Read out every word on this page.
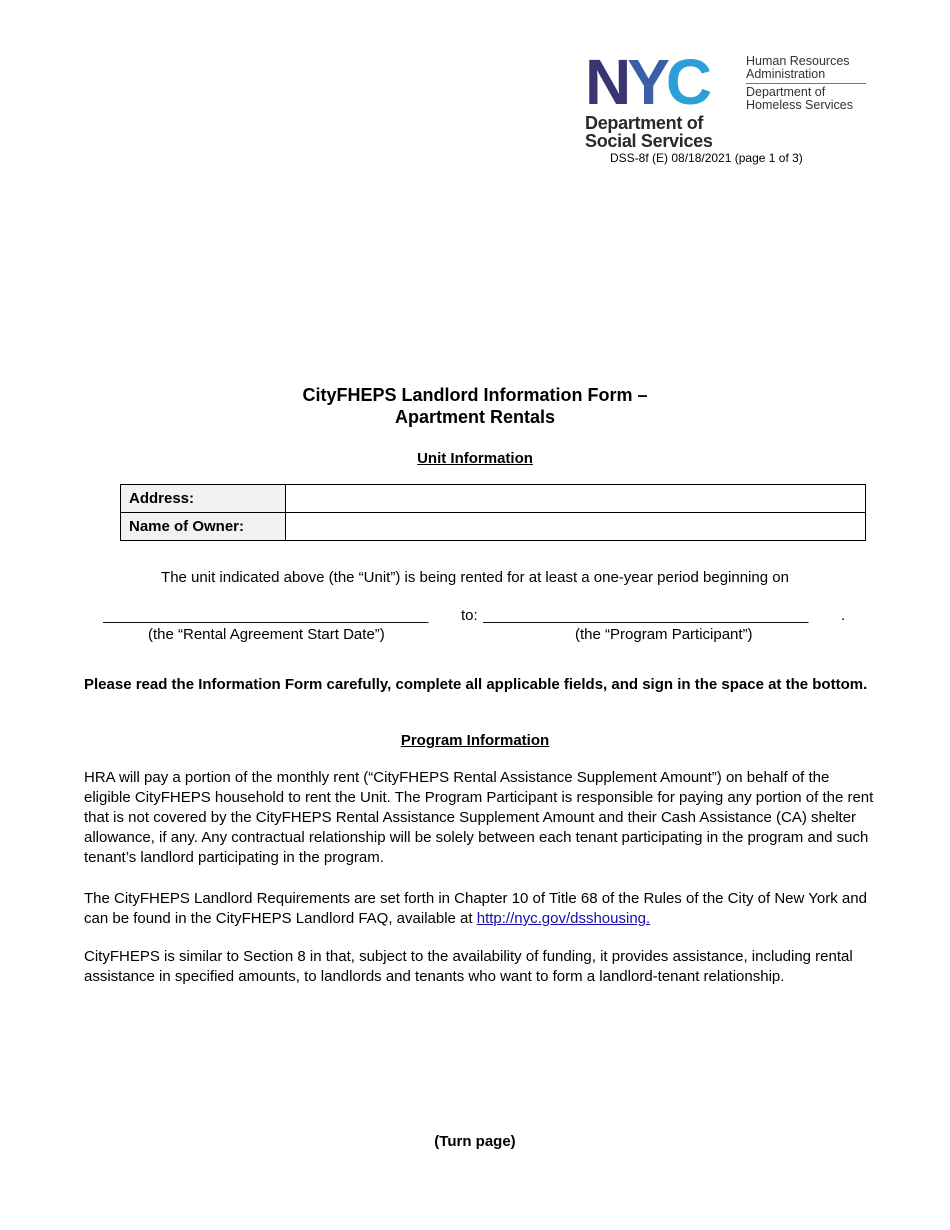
NYC	Human Resources
Administration
Department of
Homeless Services
Department of
Social Services
DSS-8f (E) 08/18/2021 (page 1 of 3)
CityFHEPS Landlord Information Form –
Apartment Rentals
Unit Information
Address:	
Name of Owner:	
The unit indicated above (the “Unit”) is being rented for at least a one-year period beginning on
_______________________________________	to: _______________________________________	.
(the “Rental Agreement Start Date”)	(the “Program Participant”)
Please read the Information Form carefully, complete all applicable fields, and sign in the space at the bottom.
Program Information
HRA will pay a portion of the monthly rent (“CityFHEPS Rental Assistance Supplement Amount”) on behalf of the eligible CityFHEPS household to rent the Unit. The Program Participant is responsible for paying any portion of the rent that is not covered by the CityFHEPS Rental Assistance Supplement Amount and their Cash Assistance (CA) shelter allowance, if any. Any contractual relationship will be solely between each tenant participating in the program and such tenant’s landlord participating in the program.
The CityFHEPS Landlord Requirements are set forth in Chapter 10 of Title 68 of the Rules of the City of New York and can be found in the CityFHEPS Landlord FAQ, available at http://nyc.gov/dsshousing.
CityFHEPS is similar to Section 8 in that, subject to the availability of funding, it provides assistance, including rental assistance in specified amounts, to landlords and tenants who want to form a landlord-tenant relationship.
(Turn page)
